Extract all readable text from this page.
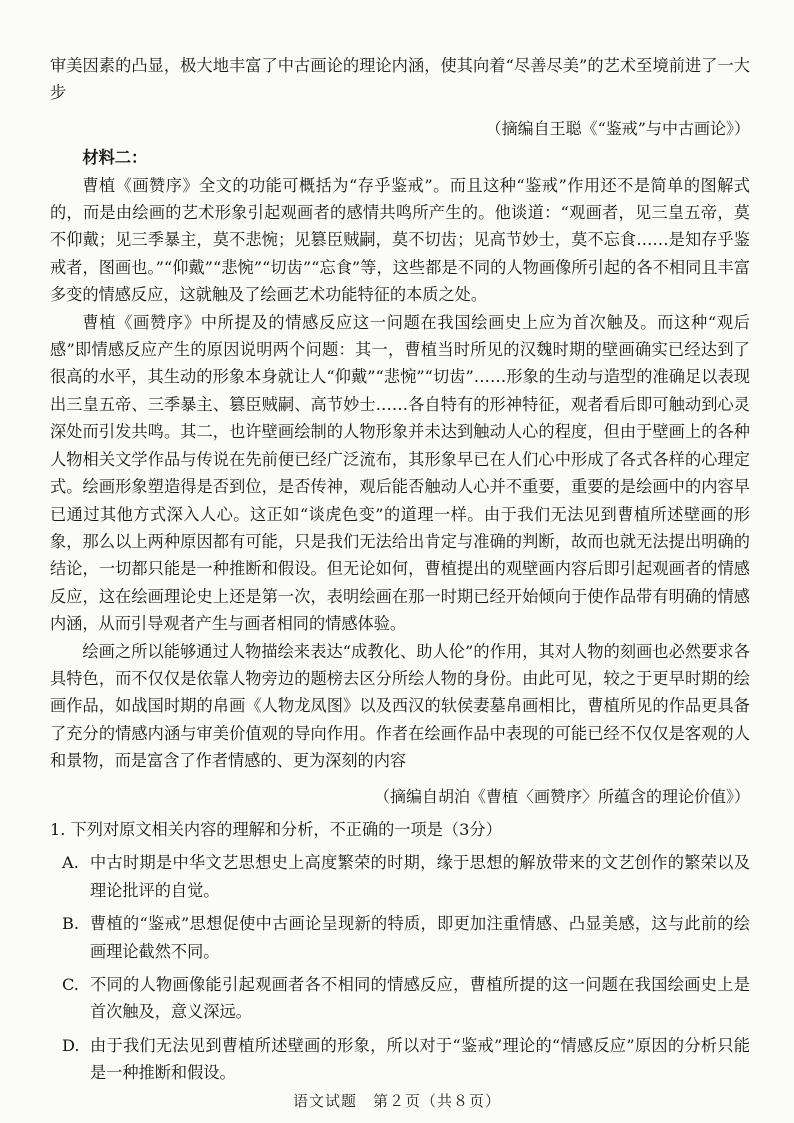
审美因素的凸显，极大地丰富了中古画论的理论内涵，使其向着“尽善尽美”的艺术至境前进了一大步

（摘编自王聪《“鉴戒”与中古画论》）

材料二：

曹植《画赞序》全文的功能可概括为“存乎鉴戒”。而且这种“鉴戒”作用还不是简单的图解式的，而是由绘画的艺术形象引起观画者的感情共鸣所产生的。他谈道：“观画者，见三皇五帝，莫不仰戴；见三季暴主，莫不悲惋；见篡臣贼嗣，莫不切齿；见高节妙士，莫不忘食……是知存乎鉴戒者，图画也。”“仰戴”“悲惋”“切齿”“忘食”等，这些都是不同的人物画像所引起的各不相同且丰富多变的情感反应，这就触及了绘画艺术功能特征的本质之处。

曹植《画赞序》中所提及的情感反应这一问题在我国绘画史上应为首次触及。而这种“观后感”即情感反应产生的原因说明两个问题：其一，曹植当时所见的汉魏时期的壁画确实已经达到了很高的水平，其生动的形象本身就让人“仰戴”“悲惋”“切齿”……形象的生动与造型的准确足以表现出三皇五帝、三季暴主、篡臣贼嗣、高节妙士……各自特有的形神特征，观者看后即可触动到心灵深处而引发共鸣。其二，也许壁画绘制的人物形象并未达到触动人心的程度，但由于壁画上的各种人物相关文学作品与传说在先前便已经广泛流布，其形象早已在人们心中形成了各式各样的心理定式。绘画形象塑造得是否到位，是否传神，观后能否触动人心并不重要，重要的是绘画中的内容早已通过其他方式深入人心。这正如“谈虎色变”的道理一样。由于我们无法见到曹植所述壁画的形象，那么以上两种原因都有可能，只是我们无法给出肯定与准确的判断，故而也就无法提出明确的结论，一切都只能是一种推断和假设。但无论如何，曹植提出的观壁画内容后即引起观画者的情感反应，这在绘画理论史上还是第一次，表明绘画在那一时期已经开始倾向于使作品带有明确的情感内涵，从而引导观者产生与画者相同的情感体验。

绘画之所以能够通过人物描绘来表达“成教化、助人伦”的作用，其对人物的刻画也必然要求各具特色，而不仅仅是依靠人物旁边的题榜去区分所绘人物的身份。由此可见，较之于更早时期的绘画作品，如战国时期的帛画《人物龙凤图》以及西汉的轪侯妻墓帛画相比，曹植所见的作品更具备了充分的情感内涵与审美价值观的导向作用。作者在绘画作品中表现的可能已经不仅仅是客观的人和景物，而是富含了作者情感的、更为深刻的内容

（摘编自胡泊《曹植〈画赞序〉所蕴含的理论价值》）

1. 下列对原文相关内容的理解和分析，不正确的一项是（3分）

A. 中古时期是中华文艺思想史上高度繁荣的时期，缘于思想的解放带来的文艺创作的繁荣以及理论批评的自觉。
B. 曹植的“鉴戒”思想促使中古画论呈现新的特质，即更加注重情感、凸显美感，这与此前的绘画理论截然不同。
C. 不同的人物画像能引起观画者各不相同的情感反应，曹植所提的这一问题在我国绘画史上是首次触及，意义深远。
D. 由于我们无法见到曹植所述壁画的形象，所以对于“鉴戒”理论的“情感反应”原因的分析只能是一种推断和假设。
语文试题　第２页（共８页）
